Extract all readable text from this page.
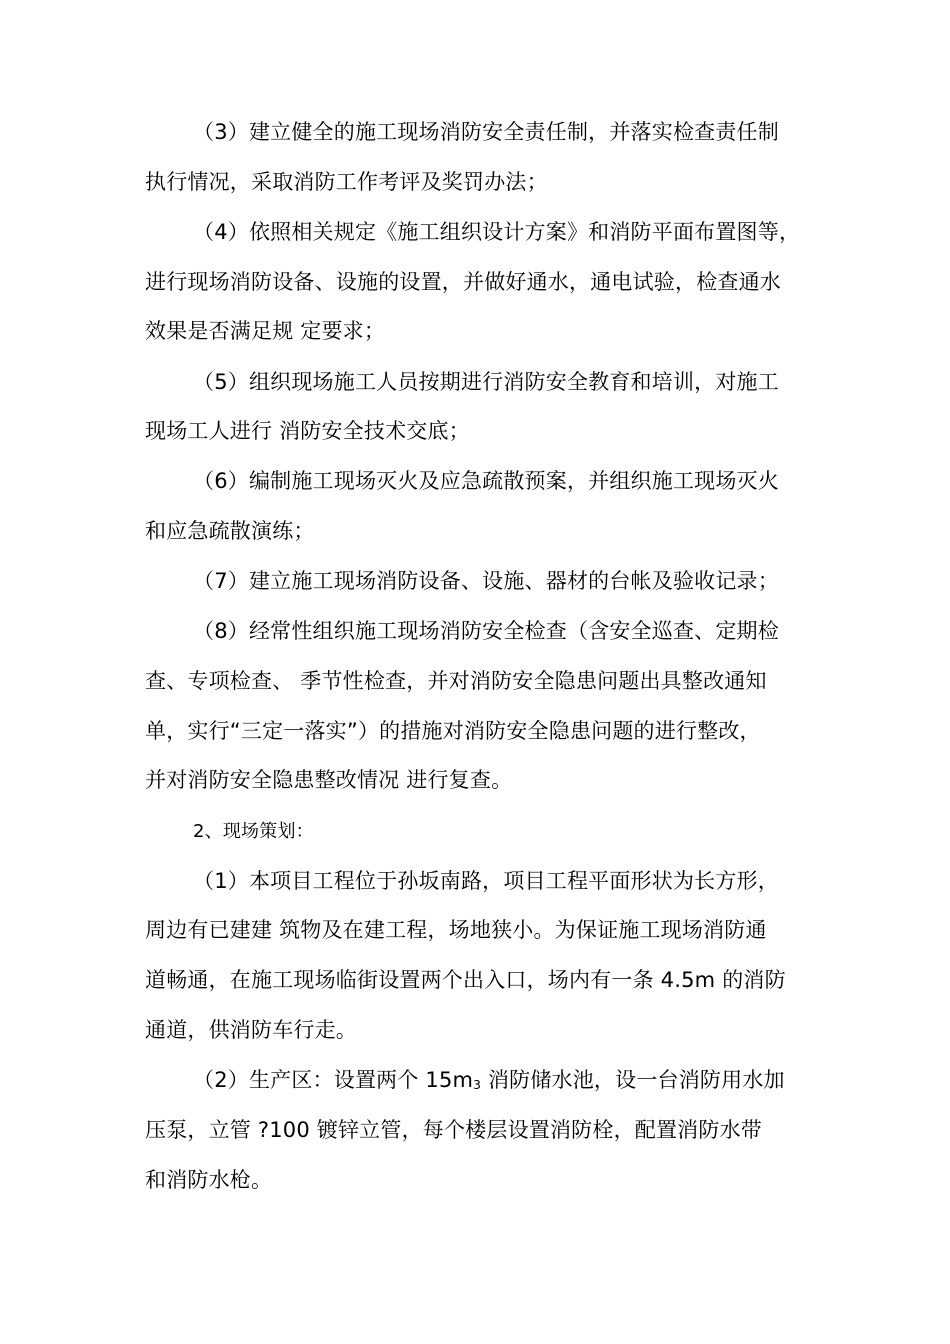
（3）建立健全的施工现场消防安全责任制，并落实检查责任制
执行情况，采取消防工作考评及奖罚办法；
（4）依照相关规定《施工组织设计方案》和消防平面布置图等，
进行现场消防设备、设施的设置，并做好通水，通电试验，检查通水
效果是否满足规 定要求；
（5）组织现场施工人员按期进行消防安全教育和培训，对施工
现场工人进行 消防安全技术交底；
（6）编制施工现场灭火及应急疏散预案，并组织施工现场灭火
和应急疏散演练；
（7）建立施工现场消防设备、设施、器材的台帐及验收记录；
（8）经常性组织施工现场消防安全检查（含安全巡查、定期检
查、专项检查、 季节性检查，并对消防安全隐患问题出具整改通知
单，实行“三定一落实”）的措施对消防安全隐患问题的进行整改，
并对消防安全隐患整改情况 进行复查。
2、现场策划：
（1）本项目工程位于孙坂南路，项目工程平面形状为长方形，
周边有已建建 筑物及在建工程，场地狭小。为保证施工现场消防通
道畅通，在施工现场临街设置两个出入口，场内有一条 4.5m 的消防
通道，供消防车行走。
（2）生产区：设置两个 $15m_3$ 消防储水池，设一台消防用水加
压泵，立管 ?100 镀锌立管，每个楼层设置消防栓，配置消防水带
和消防水枪。
